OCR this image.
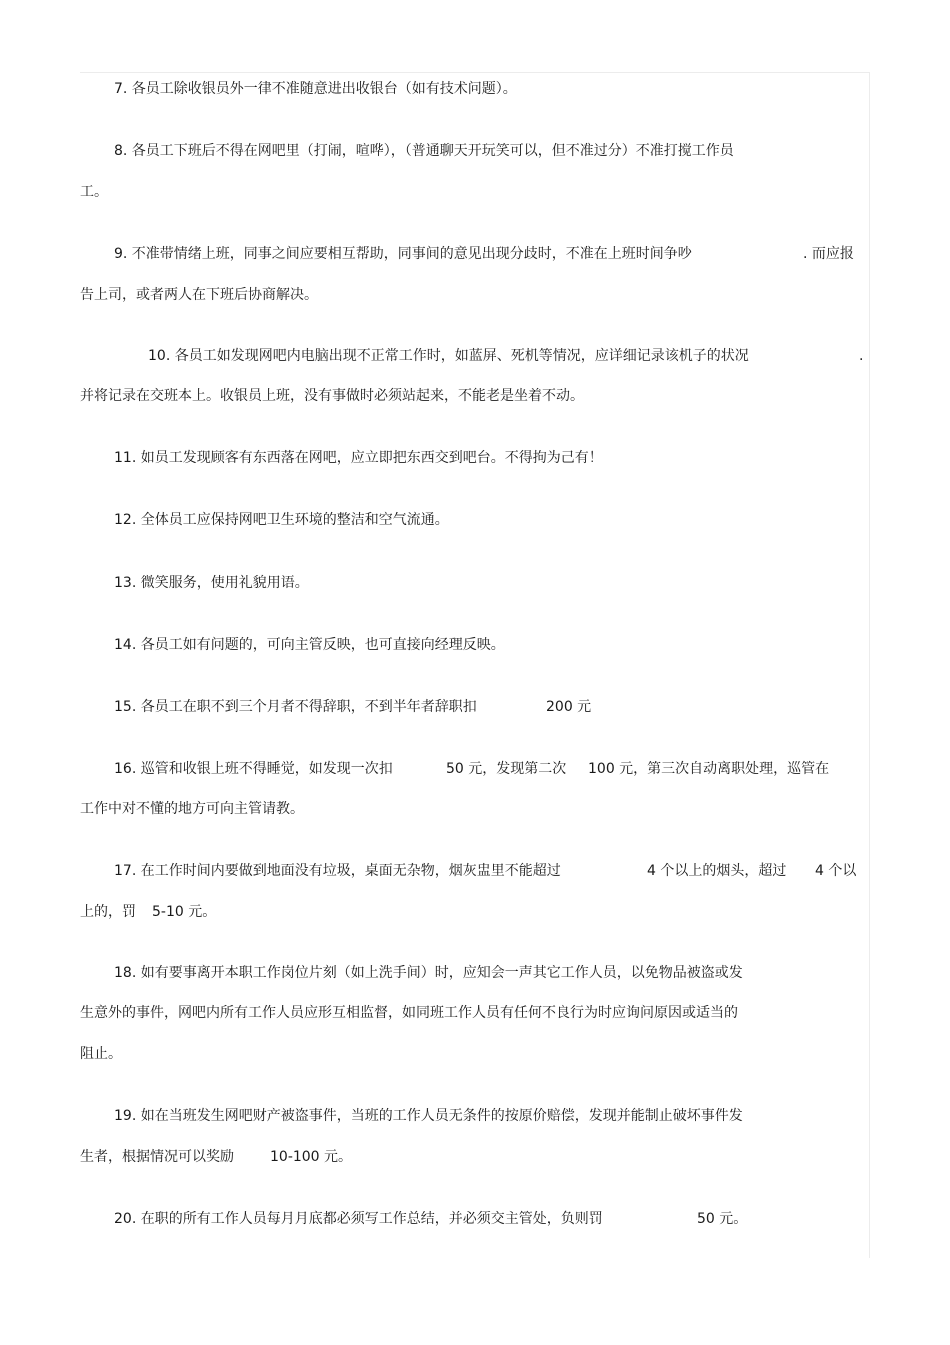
7. 各员工除收银员外一律不准随意进出收银台（如有技术问题）。
8. 各员工下班后不得在网吧里（打闹，喧哗），（普通聊天开玩笑可以，但不准过分）不准打搅工作员
工。
9. 不准带情绪上班，同事之间应要相互帮助，同事间的意见出现分歧时，不准在上班时间争吵	. 而应报
告上司，或者两人在下班后协商解决。
10. 各员工如发现网吧内电脑出现不正常工作时，如蓝屏、死机等情况，应详细记录该机子的状况	.
并将记录在交班本上。收银员上班，没有事做时必须站起来，不能老是坐着不动。
11. 如员工发现顾客有东西落在网吧，应立即把东西交到吧台。不得拘为己有！
12. 全体员工应保持网吧卫生环境的整洁和空气流通。
13. 微笑服务，使用礼貌用语。
14. 各员工如有问题的，可向主管反映，也可直接向经理反映。
15. 各员工在职不到三个月者不得辞职，不到半年者辞职扣	200 元
16. 巡管和收银上班不得睡觉，如发现一次扣	50 元，发现第二次 100 元，第三次自动离职处理，巡管在
工作中对不懂的地方可向主管请教。
17. 在工作时间内要做到地面没有垃圾，桌面无杂物，烟灰盅里不能超过	4 个以上的烟头，超过 4 个以
上的，罚 5-10 元。
18. 如有要事离开本职工作岗位片刻（如上洗手间）时，应知会一声其它工作人员，以免物品被盗或发
生意外的事件，网吧内所有工作人员应形互相监督，如同班工作人员有任何不良行为时应询问原因或适当的
阻止。
19. 如在当班发生网吧财产被盗事件，当班的工作人员无条件的按原价赔偿，发现并能制止破坏事件发
生者，根据情况可以奖励	10-100 元。
20. 在职的所有工作人员每月月底都必须写工作总结，并必须交主管处，负则罚	50 元。
